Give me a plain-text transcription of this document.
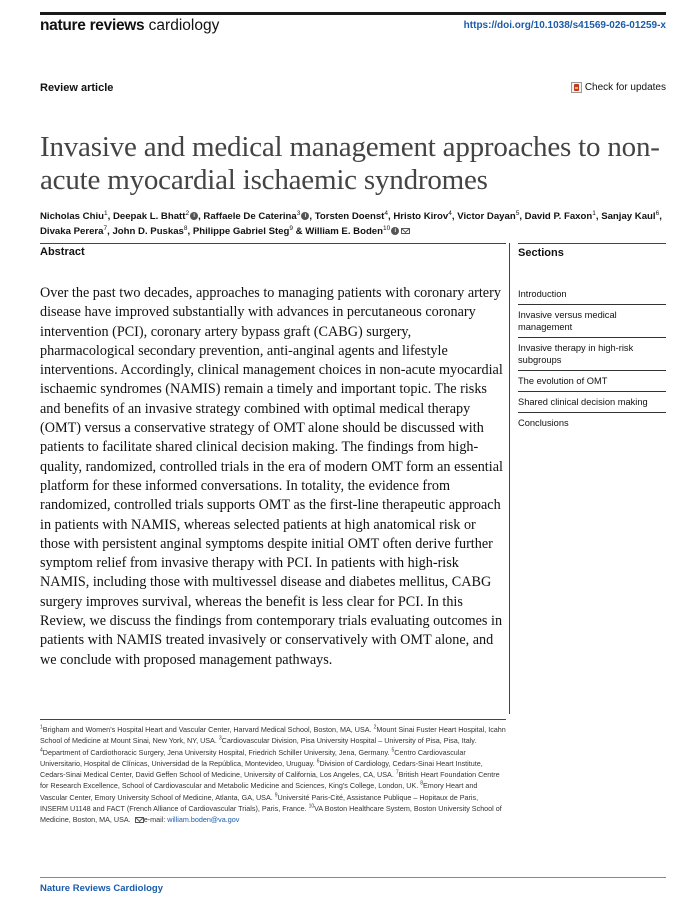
nature reviews cardiology	https://doi.org/10.1038/s41569-026-01259-x
Review article	Check for updates
Invasive and medical management approaches to non-acute myocardial ischaemic syndromes
Nicholas Chiu$^1$, Deepak L. Bhatt$^2$ i , Raffaele De Caterina$^3$ i , Torsten Doenst$^4$, Hristo Kirov$^4$, Victor Dayan$^5$, David P. Faxon$^1$, Sanjay Kaul$^6$, Divaka Perera$^7$, John D. Puskas$^8$, Philippe Gabriel Steg$^9$ & William E. Boden$^{10}$ i
Abstract

Over the past two decades, approaches to managing patients with coronary artery disease have improved substantially with advances in percutaneous coronary intervention (PCI), coronary artery bypass graft (CABG) surgery, pharmacological secondary prevention, anti-anginal agents and lifestyle interventions. Accordingly, clinical management choices in non-acute myocardial ischaemic syndromes (NAMIS) remain a timely and important topic. The risks and benefits of an invasive strategy combined with optimal medical therapy (OMT) versus a conservative strategy of OMT alone should be discussed with patients to facilitate shared clinical decision making. The findings from high-quality, randomized, controlled trials in the era of modern OMT form an essential platform for these informed conversations. In totality, the evidence from randomized, controlled trials supports OMT as the first-line therapeutic approach in patients with NAMIS, whereas selected patients at high anatomical risk or those with persistent anginal symptoms despite initial OMT often derive further symptom relief from invasive therapy with PCI. In patients with high-risk NAMIS, including those with multivessel disease and diabetes mellitus, CABG surgery improves survival, whereas the benefit is less clear for PCI. In this Review, we discuss the findings from contemporary trials evaluating outcomes in patients with NAMIS treated invasively or conservatively with OMT alone, and we conclude with proposed management pathways.

Sections
Introduction
Invasive versus medical management
Invasive therapy in high-risk subgroups
The evolution of OMT
Shared clinical decision making
Conclusions

$^1$Brigham and Women’s Hospital Heart and Vascular Center, Harvard Medical School, Boston, MA, USA. $^2$Mount Sinai Fuster Heart Hospital, Icahn School of Medicine at Mount Sinai, New York, NY, USA. $^3$Cardiovascular Division, Pisa University Hospital – University of Pisa, Pisa, Italy. $^4$Department of Cardiothoracic Surgery, Jena University Hospital, Friedrich Schiller University, Jena, Germany. $^5$Centro Cardiovascular Universitario, Hospital de Clínicas, Universidad de la República, Montevideo, Uruguay. $^6$Division of Cardiology, Cedars-Sinai Heart Institute, Cedars-Sinai Medical Center, David Geffen School of Medicine, University of California, Los Angeles, CA, USA. $^7$British Heart Foundation Centre for Research Excellence, School of Cardiovascular and Metabolic Medicine and Sciences, King’s College, London, UK. $^8$Emory Heart and Vascular Center, Emory University School of Medicine, Atlanta, GA, USA. $^9$Université Paris-Cité, Assistance Publique – Hopitaux de Paris, INSERM U1148 and FACT (French Alliance of Cardiovascular Trials), Paris, France. $^{10}$VA Boston Healthcare System, Boston University School of Medicine, Boston, MA, USA. e-mail: william.boden@va.gov

Nature Reviews Cardiology
